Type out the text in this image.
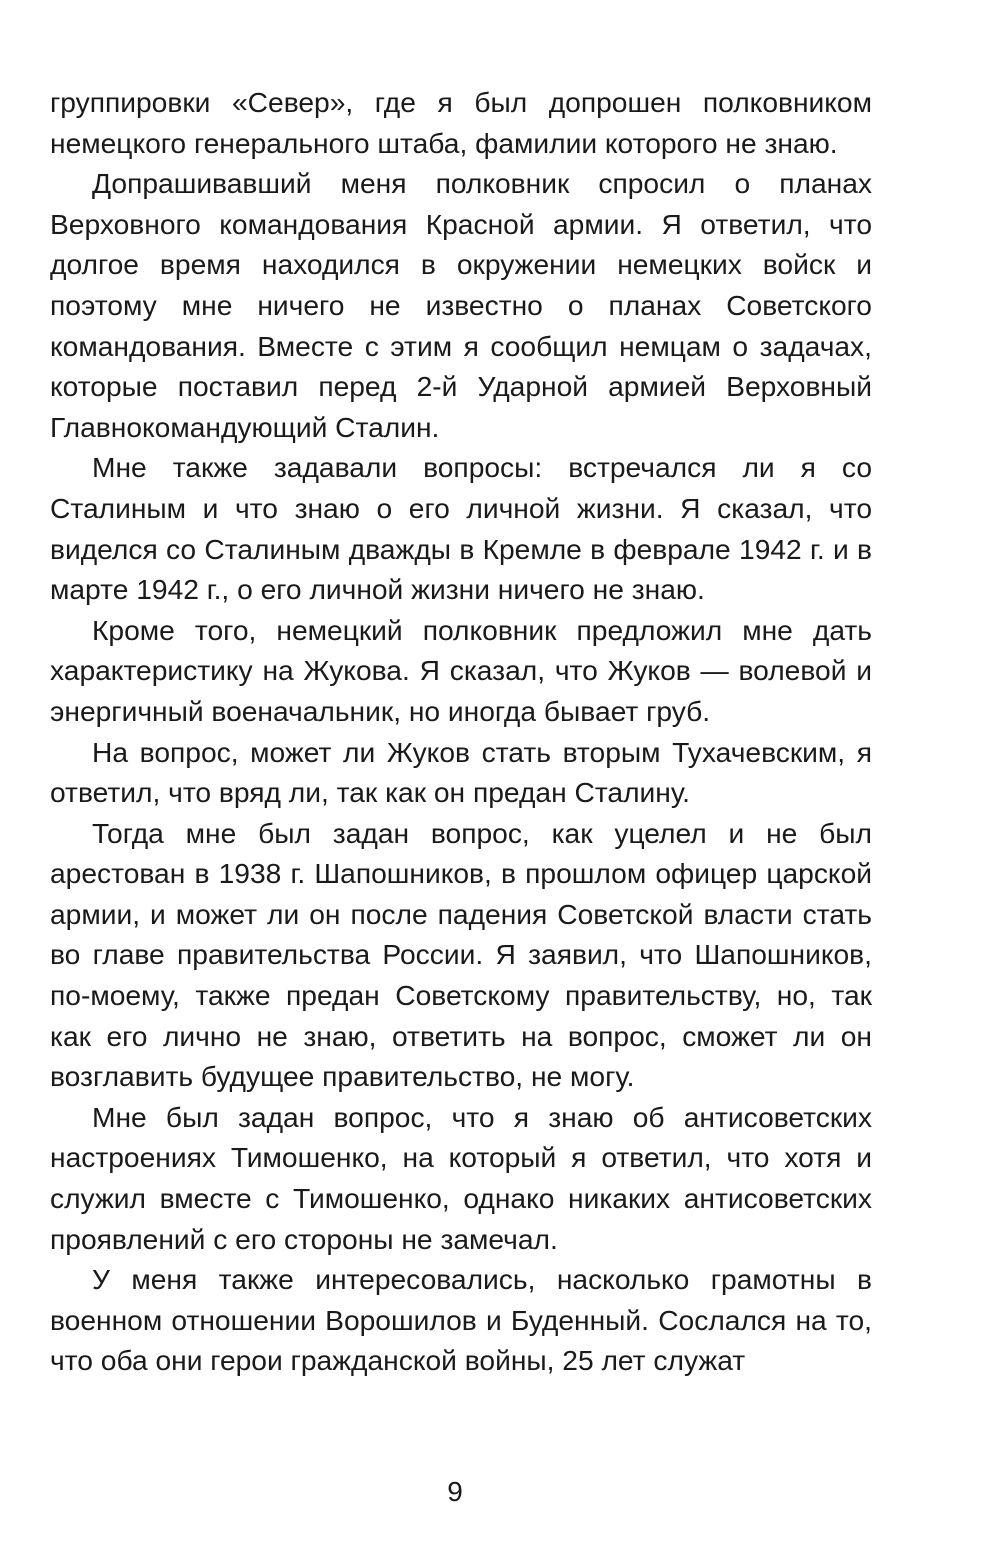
группировки «Север», где я был допрошен полковником немецкого генерального штаба, фамилии которого не знаю.

Допрашивавший меня полковник спросил о планах Верховного командования Красной армии. Я ответил, что долгое время находился в окружении немецких войск и поэтому мне ничего не известно о планах Советского командования. Вместе с этим я сообщил немцам о задачах, которые поставил перед 2-й Ударной армией Верховный Главнокомандующий Сталин.

Мне также задавали вопросы: встречался ли я со Сталиным и что знаю о его личной жизни. Я сказал, что виделся со Сталиным дважды в Кремле в феврале 1942 г. и в марте 1942 г., о его личной жизни ничего не знаю.

Кроме того, немецкий полковник предложил мне дать характеристику на Жукова. Я сказал, что Жуков — волевой и энергичный военачальник, но иногда бывает груб.

На вопрос, может ли Жуков стать вторым Тухачевским, я ответил, что вряд ли, так как он предан Сталину.

Тогда мне был задан вопрос, как уцелел и не был арестован в 1938 г. Шапошников, в прошлом офицер царской армии, и может ли он после падения Советской власти стать во главе правительства России. Я заявил, что Шапошников, по-моему, также предан Советскому правительству, но, так как его лично не знаю, ответить на вопрос, сможет ли он возглавить будущее правительство, не могу.

Мне был задан вопрос, что я знаю об антисоветских настроениях Тимошенко, на который я ответил, что хотя и служил вместе с Тимошенко, однако никаких антисоветских проявлений с его стороны не замечал.

У меня также интересовались, насколько грамотны в военном отношении Ворошилов и Буденный. Сослался на то, что оба они герои гражданской войны, 25 лет служат

9
